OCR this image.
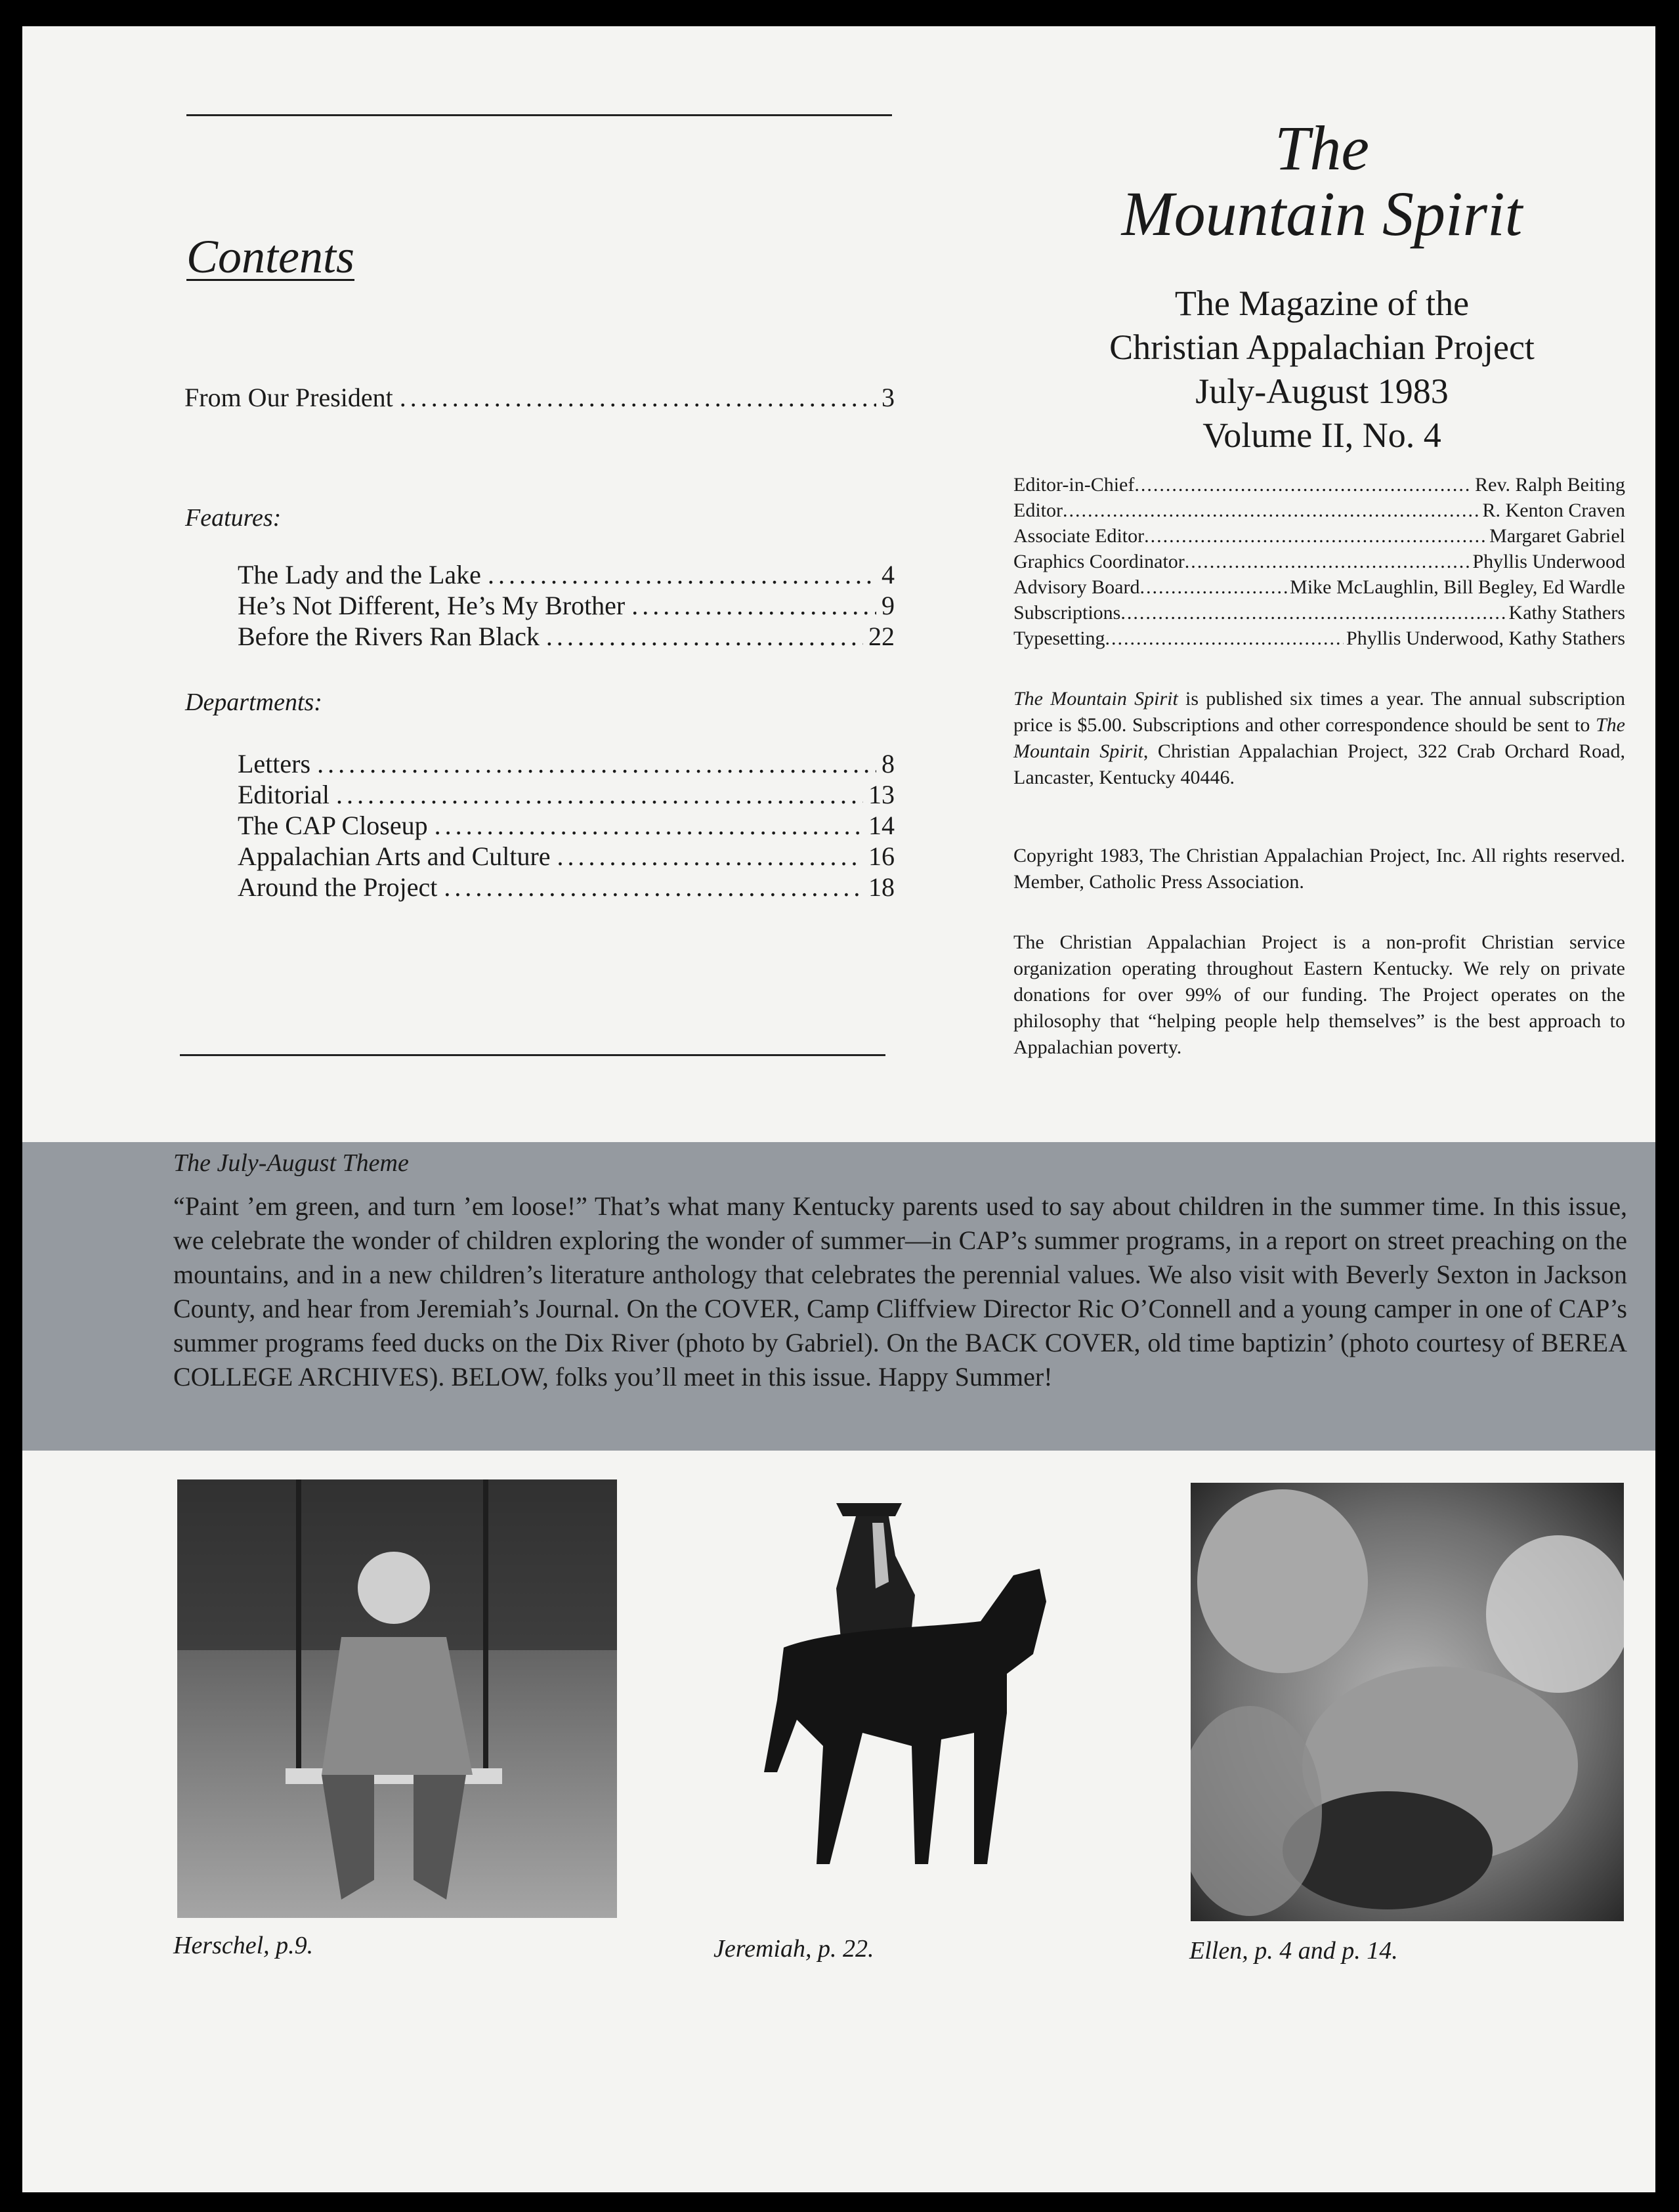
Contents
From Our President . . .	3
Features:
The Lady and the Lake . . .	4
He’s Not Different, He’s My Brother . . .	9
Before the Rivers Ran Black . . .	22
Departments:
Letters . . .	8
Editorial . . .	13
The CAP Closeup . . .	14
Appalachian Arts and Culture . . .	16
Around the Project . . .	18
The
Mountain Spirit
The Magazine of the
Christian Appalachian Project
July-August 1983
Volume II, No. 4
Editor-in-Chief .....	Rev. Ralph Beiting
Editor .....	R. Kenton Craven
Associate Editor .....	Margaret Gabriel
Graphics Coordinator .....	Phyllis Underwood
Advisory Board .....	Mike McLaughlin, Bill Begley, Ed Wardle
Subscriptions .....	Kathy Stathers
Typesetting .....	Phyllis Underwood, Kathy Stathers
The Mountain Spirit is published six times a year. The annual subscription price is $5.00. Subscriptions and other correspondence should be sent to The Mountain Spirit, Christian Appalachian Project, 322 Crab Orchard Road, Lancaster, Kentucky 40446.
Copyright 1983, The Christian Appalachian Project, Inc. All rights reserved. Member, Catholic Press Association.
The Christian Appalachian Project is a non-profit Christian service organization operating throughout Eastern Kentucky. We rely on private donations for over 99% of our funding. The Project operates on the philosophy that “helping people help themselves” is the best approach to Appalachian poverty.
The July-August Theme
“Paint ’em green, and turn ’em loose!” That’s what many Kentucky parents used to say about children in the summer time. In this issue, we celebrate the wonder of children exploring the wonder of summer—in CAP’s summer programs, in a report on street preaching on the mountains, and in a new children’s literature anthology that celebrates the perennial values. We also visit with Beverly Sexton in Jackson County, and hear from Jeremiah’s Journal. On the COVER, Camp Cliffview Director Ric O’Connell and a young camper in one of CAP’s summer programs feed ducks on the Dix River (photo by Gabriel). On the BACK COVER, old time baptizin’ (photo courtesy of BEREA COLLEGE ARCHIVES). BELOW, folks you’ll meet in this issue. Happy Summer!
Herschel, p.9.	Jeremiah, p. 22.	Ellen, p. 4 and p. 14.
